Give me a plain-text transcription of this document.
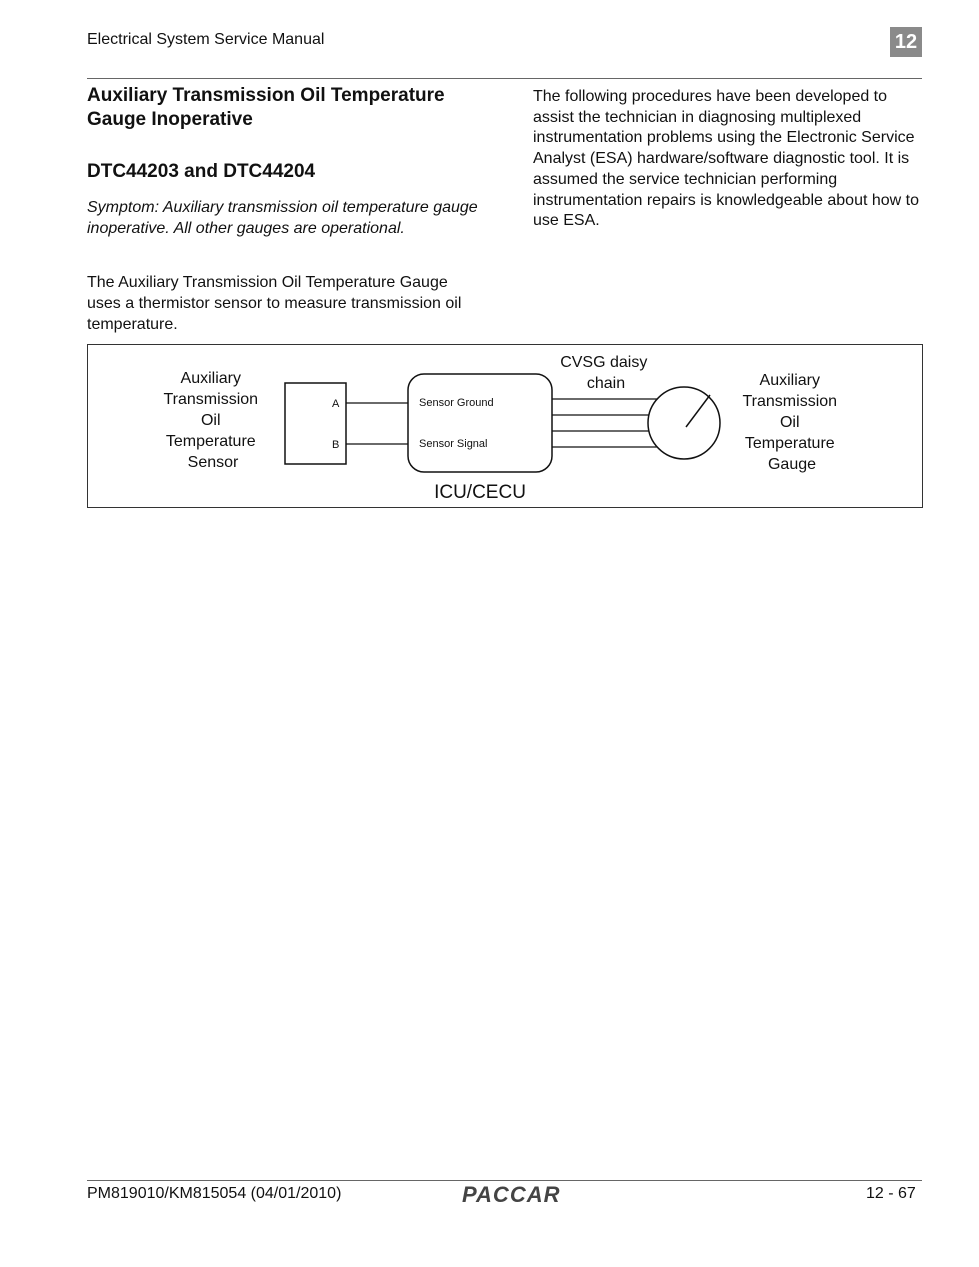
Electrical System Service Manual	12
Auxiliary Transmission Oil Temperature Gauge Inoperative
DTC44203 and DTC44204
Symptom: Auxiliary transmission oil temperature gauge inoperative. All other gauges are operational.
The Auxiliary Transmission Oil Temperature Gauge uses a thermistor sensor to measure transmission oil temperature.
The following procedures have been developed to assist the technician in diagnosing multiplexed instrumentation problems using the Electronic Service Analyst (ESA) hardware/software diagnostic tool. It is assumed the service technician performing instrumentation repairs is knowledgeable about how to use ESA.
Auxiliary Transmission Oil Temperature Sensor
A
B
Sensor Ground
Sensor Signal
ICU/CECU
CVSG daisy chain	Auxiliary Transmission Oil Temperature Gauge
PM819010/KM815054 (04/01/2010)	PACCAR	12 - 67
